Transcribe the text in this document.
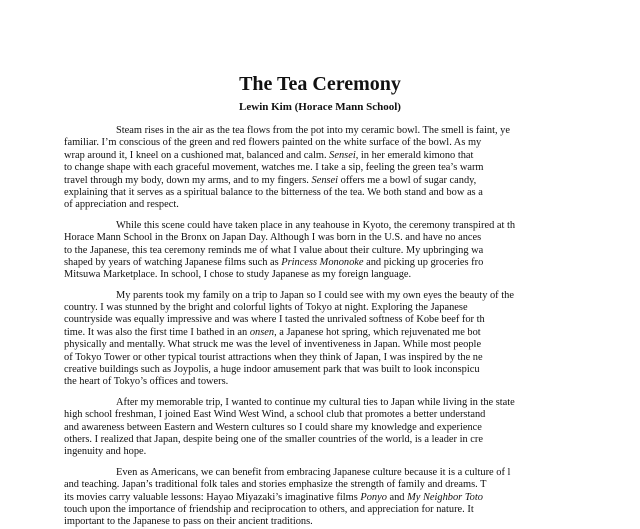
The Tea Ceremony
Lewin Kim (Horace Mann School)
Steam rises in the air as the tea flows from the pot into my ceramic bowl. The smell is faint, ye
familiar. I’m conscious of the green and red flowers painted on the white surface of the bowl. As my
wrap around it, I kneel on a cushioned mat, balanced and calm. Sensei, in her emerald kimono that
to change shape with each graceful movement, watches me. I take a sip, feeling the green tea’s warm
travel through my body, down my arms, and to my fingers. Sensei offers me a bowl of sugar candy,
explaining that it serves as a spiritual balance to the bitterness of the tea. We both stand and bow as a
of appreciation and respect.
While this scene could have taken place in any teahouse in Kyoto, the ceremony transpired at th
Horace Mann School in the Bronx on Japan Day. Although I was born in the U.S. and have no ances
to the Japanese, this tea ceremony reminds me of what I value about their culture. My upbringing wa
shaped by years of watching Japanese films such as Princess Mononoke and picking up groceries fro
Mitsuwa Marketplace. In school, I chose to study Japanese as my foreign language.
My parents took my family on a trip to Japan so I could see with my own eyes the beauty of the
country. I was stunned by the bright and colorful lights of Tokyo at night. Exploring the Japanese
countryside was equally impressive and was where I tasted the unrivaled softness of Kobe beef for th
time. It was also the first time I bathed in an onsen, a Japanese hot spring, which rejuvenated me bot
physically and mentally. What struck me was the level of inventiveness in Japan. While most people
of Tokyo Tower or other typical tourist attractions when they think of Japan, I was inspired by the ne
creative buildings such as Joypolis, a huge indoor amusement park that was built to look inconspicu
the heart of Tokyo’s offices and towers.
After my memorable trip, I wanted to continue my cultural ties to Japan while living in the state
high school freshman, I joined East Wind West Wind, a school club that promotes a better understand
and awareness between Eastern and Western cultures so I could share my knowledge and experience
others. I realized that Japan, despite being one of the smaller countries of the world, is a leader in cre
ingenuity and hope.
Even as Americans, we can benefit from embracing Japanese culture because it is a culture of l
and teaching. Japan’s traditional folk tales and stories emphasize the strength of family and dreams. T
its movies carry valuable lessons: Hayao Miyazaki’s imaginative films Ponyo and My Neighbor Toto
touch upon the importance of friendship and reciprocation to others, and appreciation for nature. It
important to the Japanese to pass on their ancient traditions.
